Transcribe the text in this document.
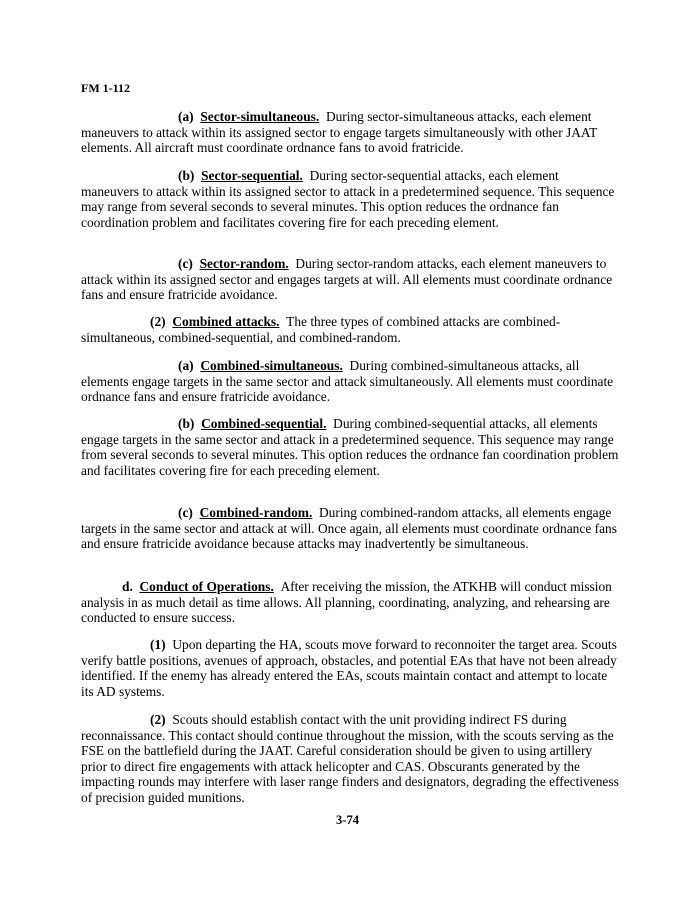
FM 1-112

(a) Sector-simultaneous. During sector-simultaneous attacks, each element maneuvers to attack within its assigned sector to engage targets simultaneously with other JAAT elements. All aircraft must coordinate ordnance fans to avoid fratricide.

(b) Sector-sequential. During sector-sequential attacks, each element maneuvers to attack within its assigned sector to attack in a predetermined sequence. This sequence may range from several seconds to several minutes. This option reduces the ordnance fan coordination problem and facilitates covering fire for each preceding element.

(c) Sector-random. During sector-random attacks, each element maneuvers to attack within its assigned sector and engages targets at will. All elements must coordinate ordnance fans and ensure fratricide avoidance.

(2) Combined attacks. The three types of combined attacks are combined-simultaneous, combined-sequential, and combined-random.

(a) Combined-simultaneous. During combined-simultaneous attacks, all elements engage targets in the same sector and attack simultaneously. All elements must coordinate ordnance fans and ensure fratricide avoidance.

(b) Combined-sequential. During combined-sequential attacks, all elements engage targets in the same sector and attack in a predetermined sequence. This sequence may range from several seconds to several minutes. This option reduces the ordnance fan coordination problem and facilitates covering fire for each preceding element.

(c) Combined-random. During combined-random attacks, all elements engage targets in the same sector and attack at will. Once again, all elements must coordinate ordnance fans and ensure fratricide avoidance because attacks may inadvertently be simultaneous.

d. Conduct of Operations. After receiving the mission, the ATKHB will conduct mission analysis in as much detail as time allows. All planning, coordinating, analyzing, and rehearsing are conducted to ensure success.

(1) Upon departing the HA, scouts move forward to reconnoiter the target area. Scouts verify battle positions, avenues of approach, obstacles, and potential EAs that have not been already identified. If the enemy has already entered the EAs, scouts maintain contact and attempt to locate its AD systems.

(2) Scouts should establish contact with the unit providing indirect FS during reconnaissance. This contact should continue throughout the mission, with the scouts serving as the FSE on the battlefield during the JAAT. Careful consideration should be given to using artillery prior to direct fire engagements with attack helicopter and CAS. Obscurants generated by the impacting rounds may interfere with laser range finders and designators, degrading the effectiveness of precision guided munitions.

3-74
